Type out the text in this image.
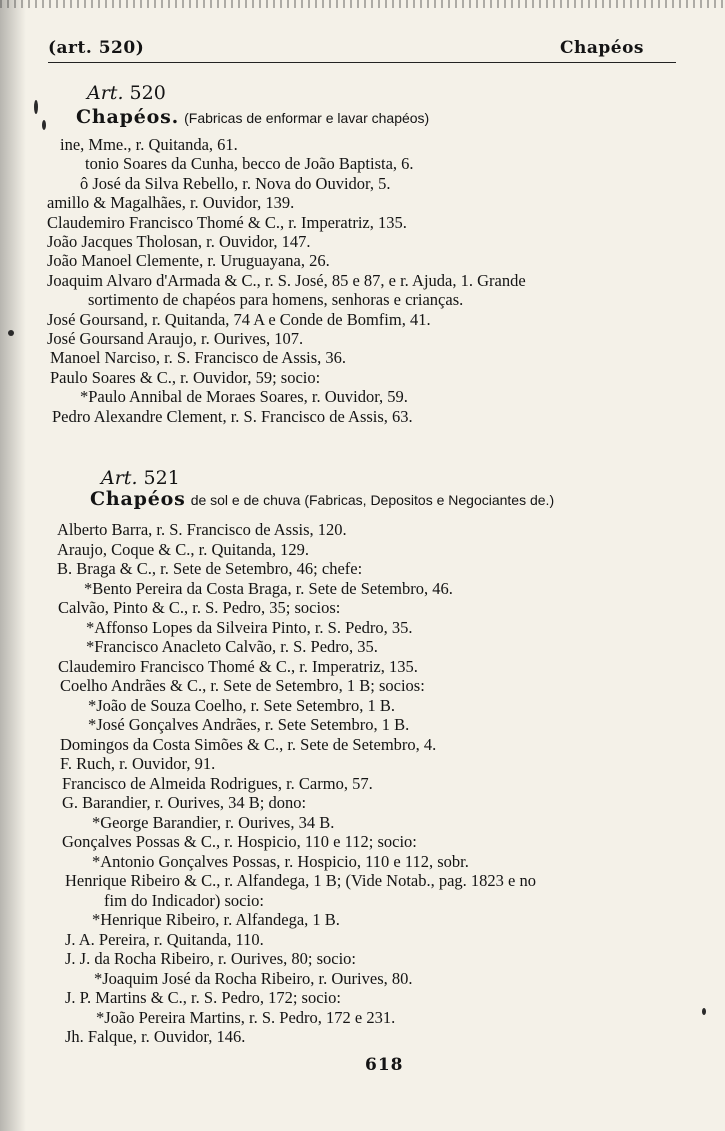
(art. 520)	Chapéos
Art. 520
Chapéos. (Fabricas de enformar e lavar chapéos)
ine, Mme., r. Quitanda, 61.
tonio Soares da Cunha, becco de João Baptista, 6.
ô José da Silva Rebello, r. Nova do Ouvidor, 5.
amillo & Magalhães, r. Ouvidor, 139.
Claudemiro Francisco Thomé & C., r. Imperatriz, 135.
João Jacques Tholosan, r. Ouvidor, 147.
João Manoel Clemente, r. Uruguayana, 26.
Joaquim Alvaro d'Armada & C., r. S. José, 85 e 87, e r. Ajuda, 1. Grande
sortimento de chapéos para homens, senhoras e crianças.
José Goursand, r. Quitanda, 74 A e Conde de Bomfim, 41.
José Goursand Araujo, r. Ourives, 107.
Manoel Narciso, r. S. Francisco de Assis, 36.
Paulo Soares & C., r. Ouvidor, 59; socio:
*Paulo Annibal de Moraes Soares, r. Ouvidor, 59.
Pedro Alexandre Clement, r. S. Francisco de Assis, 63.
Art. 521
Chapéos de sol e de chuva (Fabricas, Depositos e Negociantes de.)
Alberto Barra, r. S. Francisco de Assis, 120.
Araujo, Coque & C., r. Quitanda, 129.
B. Braga & C., r. Sete de Setembro, 46; chefe:
*Bento Pereira da Costa Braga, r. Sete de Setembro, 46.
Calvão, Pinto & C., r. S. Pedro, 35; socios:
*Affonso Lopes da Silveira Pinto, r. S. Pedro, 35.
*Francisco Anacleto Calvão, r. S. Pedro, 35.
Claudemiro Francisco Thomé & C., r. Imperatriz, 135.
Coelho Andrães & C., r. Sete de Setembro, 1 B; socios:
*João de Souza Coelho, r. Sete Setembro, 1 B.
*José Gonçalves Andrães, r. Sete Setembro, 1 B.
Domingos da Costa Simões & C., r. Sete de Setembro, 4.
F. Ruch, r. Ouvidor, 91.
Francisco de Almeida Rodrigues, r. Carmo, 57.
G. Barandier, r. Ourives, 34 B; dono:
*George Barandier, r. Ourives, 34 B.
Gonçalves Possas & C., r. Hospicio, 110 e 112; socio:
*Antonio Gonçalves Possas, r. Hospicio, 110 e 112, sobr.
Henrique Ribeiro & C., r. Alfandega, 1 B; (Vide Notab., pag. 1823 e no
fim do Indicador) socio:
*Henrique Ribeiro, r. Alfandega, 1 B.
J. A. Pereira, r. Quitanda, 110.
J. J. da Rocha Ribeiro, r. Ourives, 80; socio:
*Joaquim José da Rocha Ribeiro, r. Ourives, 80.
J. P. Martins & C., r. S. Pedro, 172; socio:
*João Pereira Martins, r. S. Pedro, 172 e 231.
Jh. Falque, r. Ouvidor, 146.
618
